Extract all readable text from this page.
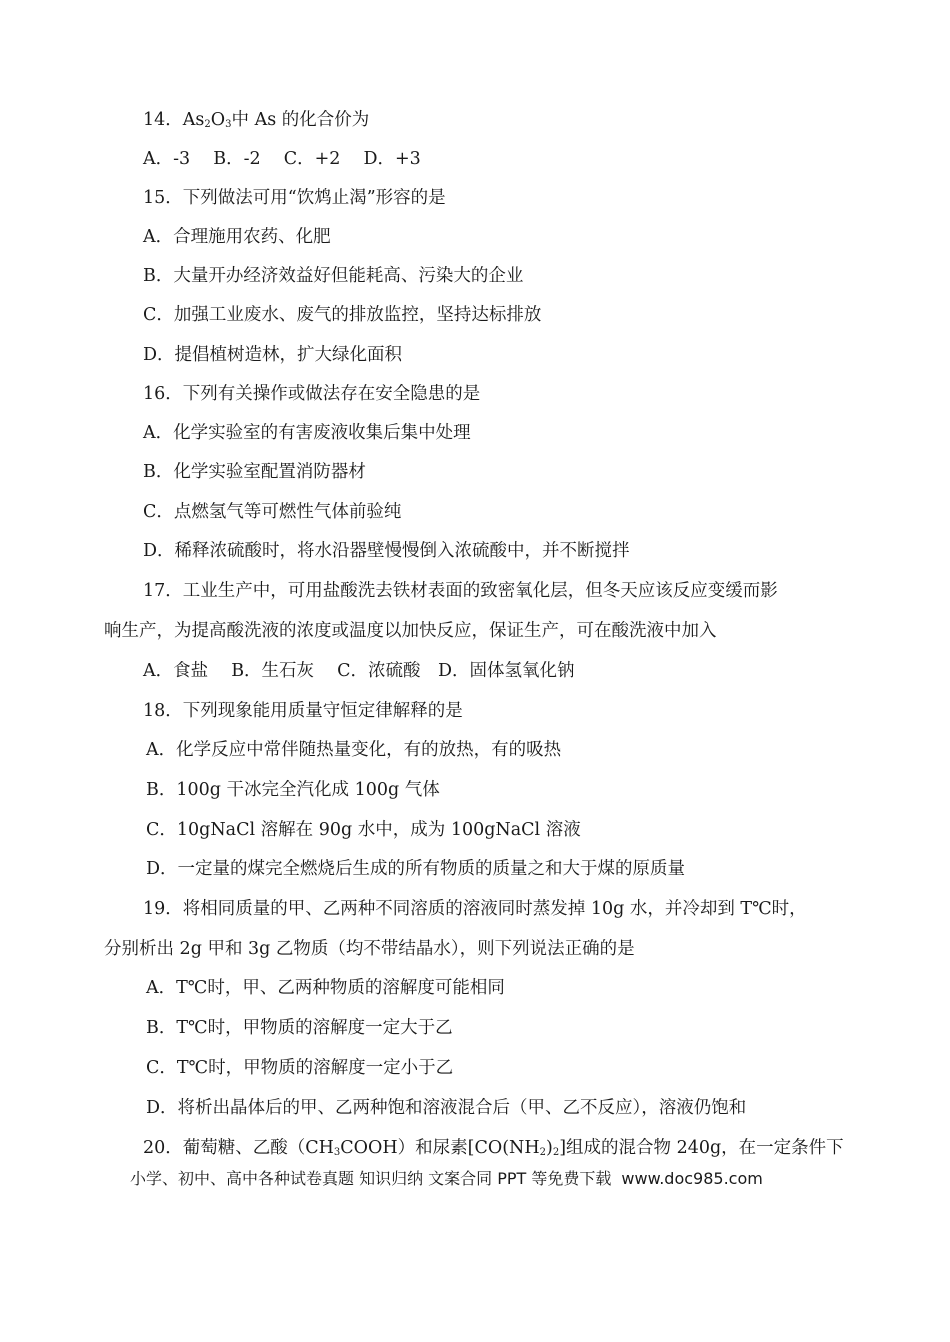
14．$As_2O_3$中 As 的化合价为
A．-3　 B．-2　 C．+2　 D．+3
15．下列做法可用“饮鸩止渴”形容的是
A．合理施用农药、化肥
B．大量开办经济效益好但能耗高、污染大的企业
C．加强工业废水、废气的排放监控，坚持达标排放
D．提倡植树造林，扩大绿化面积
16．下列有关操作或做法存在安全隐患的是
A．化学实验室的有害废液收集后集中处理
B．化学实验室配置消防器材
C．点燃氢气等可燃性气体前验纯
D．稀释浓硫酸时，将水沿器壁慢慢倒入浓硫酸中，并不断搅拌
17．工业生产中，可用盐酸洗去铁材表面的致密氧化层，但冬天应该反应变缓而影
响生产，为提高酸洗液的浓度或温度以加快反应，保证生产，可在酸洗液中加入
A．食盐　 B．生石灰　 C．浓硫酸　D．固体氢氧化钠
18．下列现象能用质量守恒定律解释的是
A．化学反应中常伴随热量变化，有的放热，有的吸热
B．100g 干冰完全汽化成 100g 气体
C．10gNaCl 溶解在 90g 水中，成为 100gNaCl 溶液
D．一定量的煤完全燃烧后生成的所有物质的质量之和大于煤的原质量
19．将相同质量的甲、乙两种不同溶质的溶液同时蒸发掉 10g 水，并冷却到 T℃时，
分别析出 2g 甲和 3g 乙物质（均不带结晶水），则下列说法正确的是
A．T℃时，甲、乙两种物质的溶解度可能相同
B．T℃时，甲物质的溶解度一定大于乙
C．T℃时，甲物质的溶解度一定小于乙
D．将析出晶体后的甲、乙两种饱和溶液混合后（甲、乙不反应），溶液仍饱和
20．葡萄糖、乙酸$(CH_3COOH)$和尿素$[CO(NH_2)_2]$组成的混合物 240g，在一定条件下
小学、初中、高中各种试卷真题 知识归纳 文案合同 PPT 等免费下载 www.doc985.com
